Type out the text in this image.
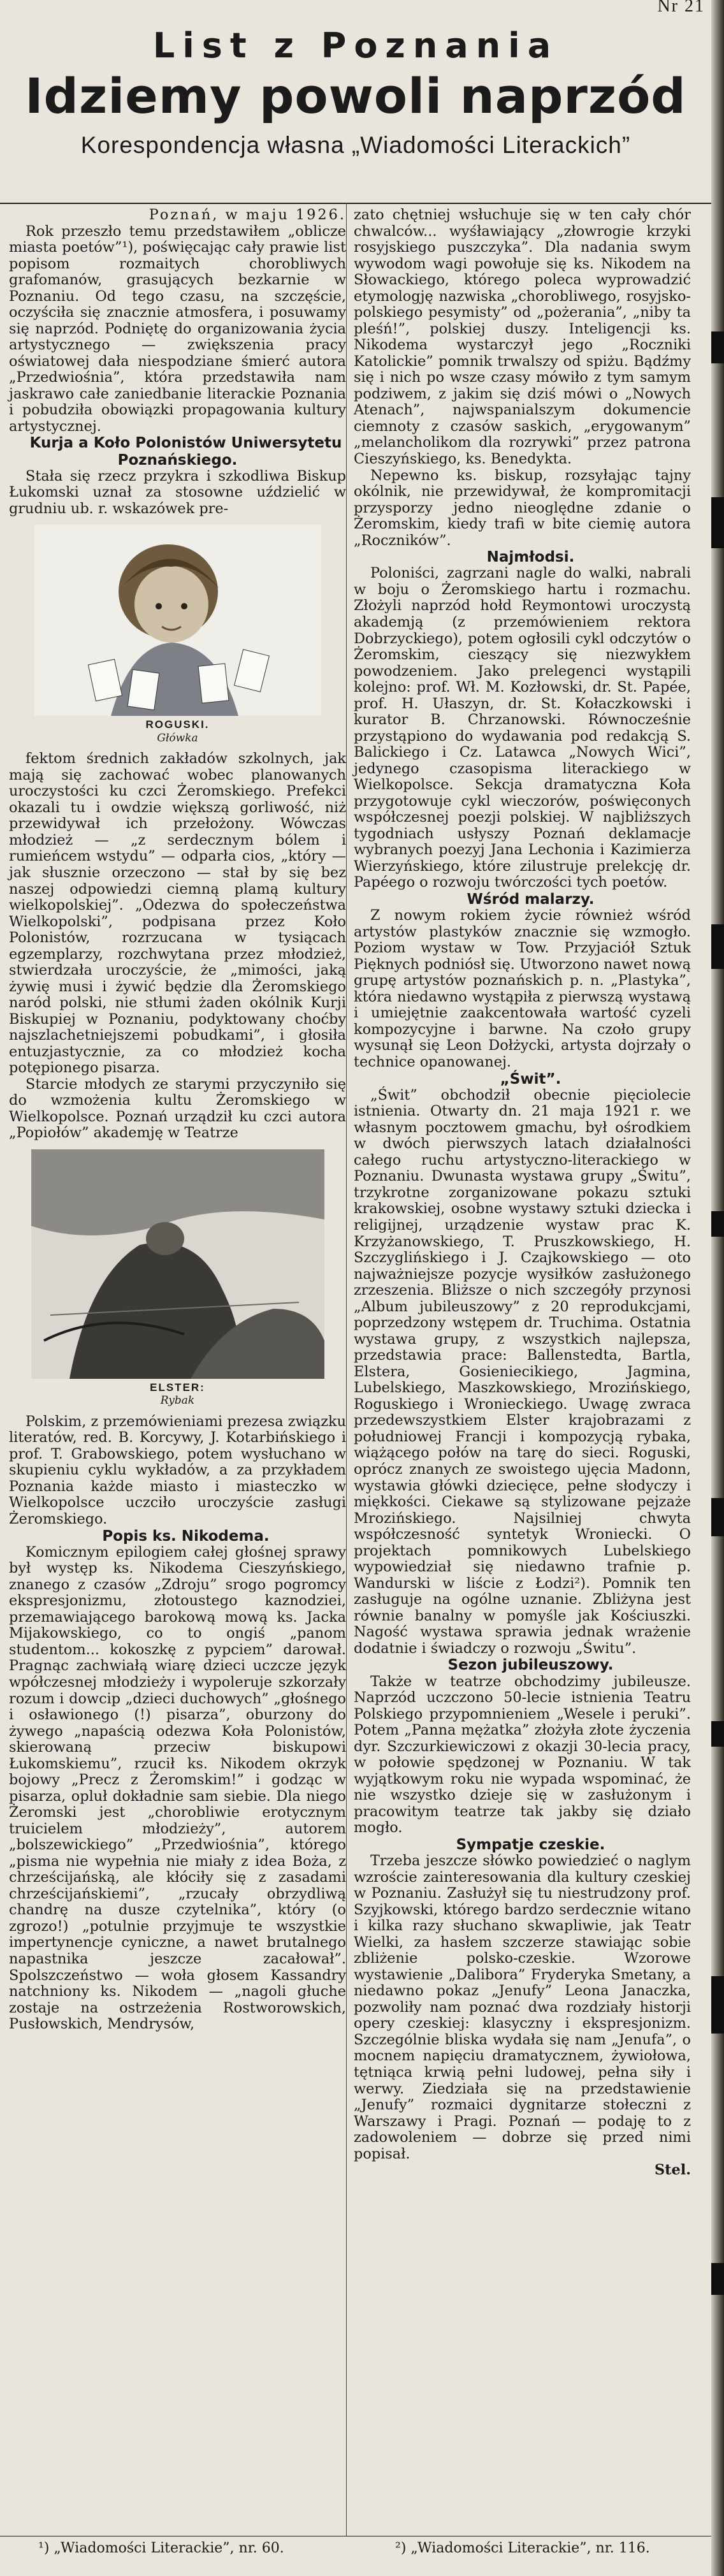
Nr 21

List z Poznania

Idziemy powoli naprzód

Korespondencja własna „Wiadomości Literackich”

Poznań, w maju 1926.

Rok przeszło temu przedstawiłem „oblicze miasta poetów”¹), poświęcając cały prawie list popisom rozmaitych chorobliwych grafomanów, grasujących bezkarnie w Poznaniu. Od tego czasu, na szczęście, oczyściła się znacznie atmosfera, i posuwamy się naprzód. Podniętę do organizowania życia artystycznego — zwiększenia pracy oświatowej dała niespodziane śmierć autora „Przedwiośnia”, która przedstawiła nam jaskrawo całe zaniedbanie literackie Poznania i pobudziła obowiązki propagowania kultury artystycznej.

Kurja a Koło Polonistów Uniwersytetu Poznańskiego.

Stała się rzecz przykra i szkodliwa Biskup Łukomski uznał za stosowne uździelić w grudniu ub. r. wskazówek pre-

ROGUSKI.
Główka

fektom średnich zakładów szkolnych, jak mają się zachować wobec planowanych uroczystości ku czci Żeromskiego. Prefekci okazali tu i owdzie większą gorliwość, niż przewidywał ich przełożony. Wówczas młodzież — „z serdecznym bólem i rumieńcem wstydu” — odparła cios, „który — jak słusznie orzeczono — stał by się bez naszej odpowiedzi ciemną plamą kultury wielkopolskiej”. „Odezwa do społeczeństwa Wielkopolski”, podpisana przez Koło Polonistów, rozrzucana w tysiącach egzemplarzy, rozchwytana przez młodzież, stwierdzała uroczyście, że „mimości, jaką żywię musi i żywić będzie dla Żeromskiego naród polski, nie stłumi żaden okólnik Kurji Biskupiej w Poznaniu, podyktowany choćby najszlachetniejszemi pobudkami”, i głosiła entuzjastycznie, za co młodzież kocha potępionego pisarza.

Starcie młodych ze starymi przyczyniło się do wzmożenia kultu Żeromskiego w Wielkopolsce. Poznań urządził ku czci autora „Popiołów” akademję w Teatrze

ELSTER:
Rybak

Polskim, z przemówieniami prezesa związku literatów, red. B. Korcywy, J. Kotarbińskiego i prof. T. Grabowskiego, potem wysłuchano w skupieniu cyklu wykładów, a za przykładem Poznania każde miasto i miasteczko w Wielkopolsce uczciło uroczyście zasługi Żeromskiego.

Popis ks. Nikodema.

Komicznym epilogiem całej głośnej sprawy był występ ks. Nikodema Cieszyńskiego, znanego z czasów „Zdroju” srogo pogromcy ekspresjonizmu, złotoustego kaznodziei, przemawiającego barokową mową ks. Jacka Mijakowskiego, co to ongiś „panom studentom... kokoszkę z pypciem” darował. Pragnąc zachwiałą wiarę dzieci uczcze język wpółczesnej młodzieży i wypoleruje szkorzały rozum i dowcip „dzieci duchowych” „głośnego i osławionego (!) pisarza”, oburzony do żywego „napaścią odezwa Koła Polonistów, skierowaną przeciw biskupowi Łukomskiemu”, rzucił ks. Nikodem okrzyk bojowy „Precz z Żeromskim!” i godząc w pisarza, opluł dokładnie sam siebie. Dla niego Żeromski jest „chorobliwie erotycznym truicielem młodzieży”, autorem „bolszewickiego” „Przedwiośnia”, którego „pisma nie wypełnia nie miały z idea Boża, z chrześcijańską, ale kłóciły się z zasadami chrześcijańskiemi”, „rzucały obrzydliwą chandrę na dusze czytelnika”, który (o zgrozo!) „potulnie przyjmuje te wszystkie impertynencje cyniczne, a nawet brutalnego napastnika jeszcze zacałował”. Spolszczeństwo — woła głosem Kassandry natchniony ks. Nikodem — „nagoli głuche zostaje na ostrzeżenia Rostworowskich, Pusłowskich, Mendrysów,

zato chętniej wsłuchuje się w ten cały chór chwalców... wyśławiający „złowrogie krzyki rosyjskiego puszczyka”. Dla nadania swym wywodom wagi powołuje się ks. Nikodem na Słowackiego, którego poleca wyprowadzić etymologję nazwiska „chorobliwego, rosyjsko-polskiego pesymisty” od „pożerania”, „niby ta pleśń!”, polskiej duszy. Inteligencji ks. Nikodema wystarczył jego „Roczniki Katolickie” pomnik trwalszy od spiżu. Bądźmy się i nich po wsze czasy mówiło z tym samym podziwem, z jakim się dziś mówi o „Nowych Atenach”, najwspanialszym dokumencie ciemnoty z czasów saskich, „erygowanym” „melancholikom dla rozrywki” przez patrona Cieszyńskiego, ks. Benedykta.

Nepewno ks. biskup, rozsyłając tajny okólnik, nie przewidywał, że kompromitacji przysporzy jedno nieoględne zdanie o Żeromskim, kiedy trafi w bite ciemię autora „Roczników”.

Najmłodsi.

Poloniści, zagrzani nagle do walki, nabrali w boju o Żeromskiego hartu i rozmachu. Złożyli naprzód hołd Reymontowi uroczystą akademją (z przemówieniem rektora Dobrzyckiego), potem ogłosili cykl odczytów o Żeromskim, cieszący się niezwykłem powodzeniem. Jako prelegenci wystąpili kolejno: prof. Wł. M. Kozłowski, dr. St. Papée, prof. H. Ułaszyn, dr. St. Kołaczkowski i kurator B. Chrzanowski. Równocześnie przystąpiono do wydawania pod redakcją S. Balickiego i Cz. Latawca „Nowych Wici”, jedynego czasopisma literackiego w Wielkopolsce. Sekcja dramatyczna Koła przygotowuje cykl wieczorów, poświęconych współczesnej poezji polskiej. W najbliższych tygodniach usłyszy Poznań deklamacje wybranych poezyj Jana Lechonia i Kazimierza Wierzyńskiego, które zilustruje prelekcję dr. Papéego o rozwoju twórczości tych poetów.

Wśród malarzy.

Z nowym rokiem życie również wśród artystów plastyków znacznie się wzmogło. Poziom wystaw w Tow. Przyjaciół Sztuk Pięknych podniósł się. Utworzono nawet nową grupę artystów poznańskich p. n. „Plastyka”, która niedawno wystąpiła z pierwszą wystawą i umiejętnie zaakcentowała wartość cyzeli kompozycyjne i barwne. Na czoło grupy wysunął się Leon Dołżycki, artysta dojrzały o technice opanowanej.

„Świt”.

„Świt” obchodził obecnie pięciolecie istnienia. Otwarty dn. 21 maja 1921 r. we własnym pocztowem gmachu, był ośrodkiem w dwóch pierwszych latach działalności całego ruchu artystyczno-literackiego w Poznaniu. Dwunasta wystawa grupy „Świtu”, trzykrotne zorganizowane pokazu sztuki krakowskiej, osobne wystawy sztuki dziecka i religijnej, urządzenie wystaw prac K. Krzyżanowskiego, T. Pruszkowskiego, H. Szczyglińskiego i J. Czajkowskiego — oto najważniejsze pozycje wysiłków zasłużonego zrzeszenia. Bliższe o nich szczegóły przynosi „Album jubileuszowy” z 20 reprodukcjami, poprzedzony wstępem dr. Truchima. Ostatnia wystawa grupy, z wszystkich najlepsza, przedstawia prace: Ballenstedta, Bartla, Elstera, Gosieniecikiego, Jagmina, Lubelskiego, Maszkowskiego, Mrozińskiego, Roguskiego i Wronieckiego. Uwagę zwraca przedewszystkiem Elster krajobrazami z południowej Francji i kompozycją rybaka, wiążącego połów na tarę do sieci. Roguski, oprócz znanych ze swoistego ujęcia Madonn, wystawia główki dziecięce, pełne słodyczy i miękkości. Ciekawe są stylizowane pejzaże Mrozińskiego. Najsilniej chwyta współczesność syntetyk Wroniecki. O projektach pomnikowych Lubelskiego wypowiedział się niedawno trafnie p. Wandurski w liście z Łodzi²). Pomnik ten zasługuje na ogólne uznanie. Zbliżyna jest równie banalny w pomyśle jak Kościuszki. Nagość wystawa sprawia jednak wrażenie dodatnie i świadczy o rozwoju „Świtu”.

Sezon jubileuszowy.

Także w teatrze obchodzimy jubileusze. Naprzód uczczono 50-lecie istnienia Teatru Polskiego przypomnieniem „Wesele i peruki”. Potem „Panna mężatka” złożyła złote życzenia dyr. Szczurkiewiczowi z okazji 30-lecia pracy, w połowie spędzonej w Poznaniu. W tak wyjątkowym roku nie wypada wspominać, że nie wszystko dzieje się w zasłużonym i pracowitym teatrze tak jakby się działo mogło.

Sympatje czeskie.

Trzeba jeszcze słówko powiedzieć o naglym wzroście zainteresowania dla kultury czeskiej w Poznaniu. Zasłużył się tu niestrudzony prof. Szyjkowski, którego bardzo serdecznie witano i kilka razy słuchano skwapliwie, jak Teatr Wielki, za hasłem szczerze stawiając sobie zbliżenie polsko-czeskie. Wzorowe wystawienie „Dalibora” Fryderyka Smetany, a niedawno pokaz „Jenufy” Leona Janaczka, pozwoliły nam poznać dwa rozdziały historji opery czeskiej: klasyczny i ekspresjonizm. Szczególnie bliska wydała się nam „Jenufa”, o mocnem napięciu dramatycznem, żywiołowa, tętniąca krwią pełni ludowej, pełna siły i werwy. Ziedziała się na przedstawienie „Jenufy” rozmaici dygnitarze stołeczni z Warszawy i Pragi. Poznań — podaję to z zadowoleniem — dobrze się przed nimi popisał.

Stel.

¹) „Wiadomości Literackie”, nr. 60.	²) „Wiadomości Literackie”, nr. 116.
